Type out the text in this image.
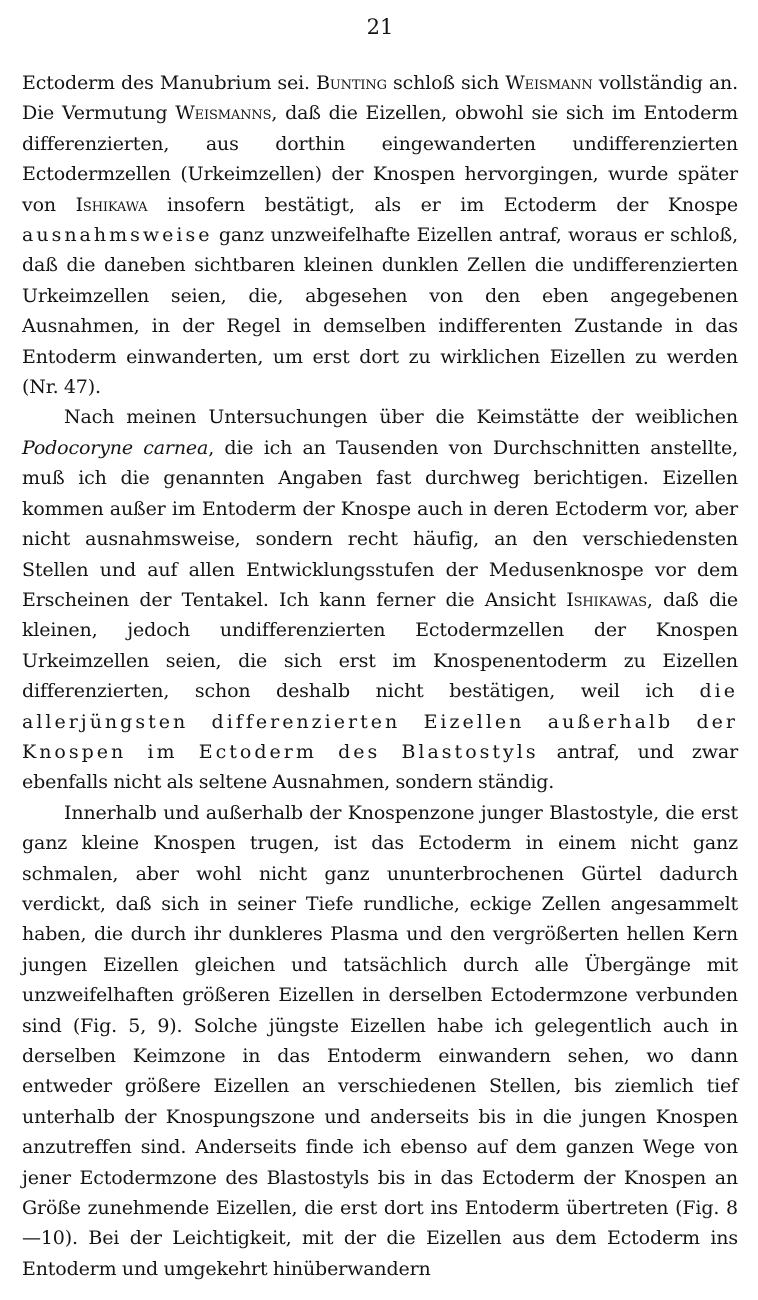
21

Ectoderm des Manubrium sei. Bunting schloß sich Weismann vollständig an. Die Vermutung Weismanns, daß die Eizellen, obwohl sie sich im Entoderm differenzierten, aus dorthin eingewanderten undifferenzierten Ectodermzellen (Urkeimzellen) der Knospen hervorgingen, wurde später von Ishikawa insofern bestätigt, als er im Ectoderm der Knospe ausnahmsweise ganz unzweifelhafte Eizellen antraf, woraus er schloß, daß die daneben sichtbaren kleinen dunklen Zellen die undifferenzierten Urkeimzellen seien, die, abgesehen von den eben angegebenen Ausnahmen, in der Regel in demselben indifferenten Zustande in das Entoderm einwanderten, um erst dort zu wirklichen Eizellen zu werden (Nr. 47).

Nach meinen Untersuchungen über die Keimstätte der weiblichen Podocoryne carnea, die ich an Tausenden von Durchschnitten anstellte, muß ich die genannten Angaben fast durchweg berichtigen. Eizellen kommen außer im Entoderm der Knospe auch in deren Ectoderm vor, aber nicht ausnahmsweise, sondern recht häufig, an den verschiedensten Stellen und auf allen Entwicklungsstufen der Medusenknospe vor dem Erscheinen der Tentakel. Ich kann ferner die Ansicht Ishikawas, daß die kleinen, jedoch undifferenzierten Ectodermzellen der Knospen Urkeimzellen seien, die sich erst im Knospenentoderm zu Eizellen differenzierten, schon deshalb nicht bestätigen, weil ich die allerjüngsten differenzierten Eizellen außerhalb der Knospen im Ectoderm des Blastostyls antraf, und zwar ebenfalls nicht als seltene Ausnahmen, sondern ständig.

Innerhalb und außerhalb der Knospenzone junger Blastostyle, die erst ganz kleine Knospen trugen, ist das Ectoderm in einem nicht ganz schmalen, aber wohl nicht ganz ununterbrochenen Gürtel dadurch verdickt, daß sich in seiner Tiefe rundliche, eckige Zellen angesammelt haben, die durch ihr dunkleres Plasma und den vergrößerten hellen Kern jungen Eizellen gleichen und tatsächlich durch alle Übergänge mit unzweifelhaften größeren Eizellen in derselben Ectodermzone verbunden sind (Fig. 5, 9). Solche jüngste Eizellen habe ich gelegentlich auch in derselben Keimzone in das Entoderm einwandern sehen, wo dann entweder größere Eizellen an verschiedenen Stellen, bis ziemlich tief unterhalb der Knospungszone und anderseits bis in die jungen Knospen anzutreffen sind. Anderseits finde ich ebenso auf dem ganzen Wege von jener Ectodermzone des Blastostyls bis in das Ectoderm der Knospen an Größe zunehmende Eizellen, die erst dort ins Entoderm übertreten (Fig. 8—10). Bei der Leichtigkeit, mit der die Eizellen aus dem Ectoderm ins Entoderm und umgekehrt hinüberwandern
